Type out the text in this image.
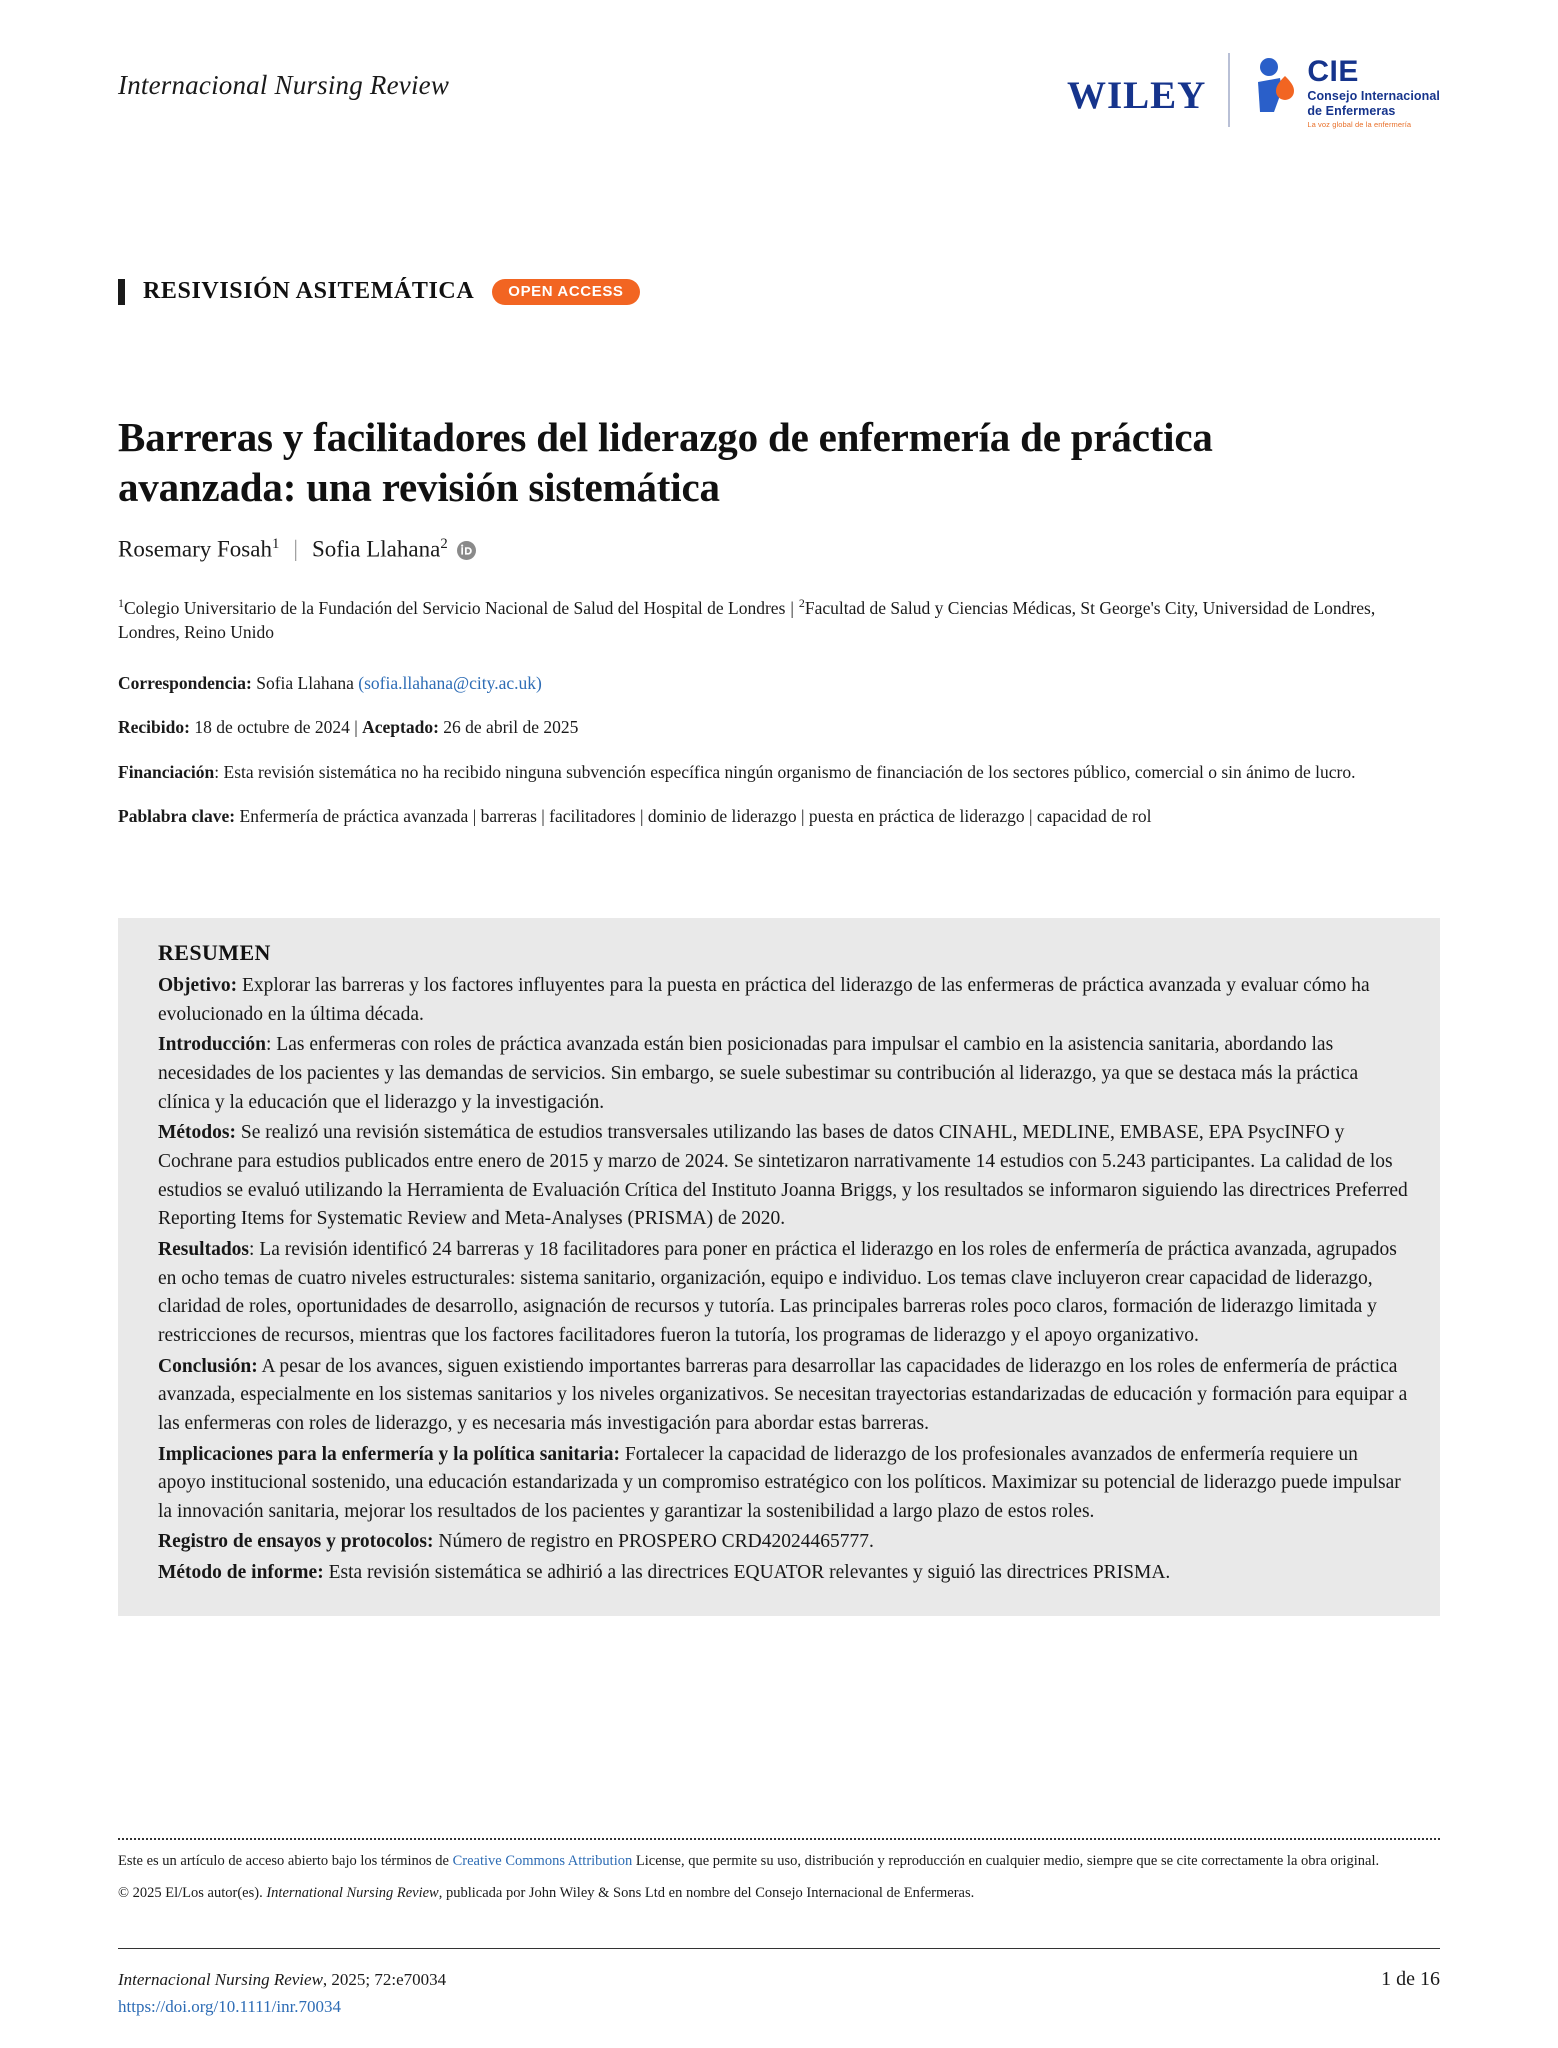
Internacional Nursing Review	wiley	CIE
Consejo Internacional
de Enfermeras
La voz global de la enfermería
RESIVISIÓN ASITEMÁTICA	OPEN ACCESS
Barreras y facilitadores del liderazgo de enfermería de práctica avanzada: una revisión sistemática
Rosemary Fosah$^1$ | Sofia Llahana$^2$

$^1$Colegio Universitario de la Fundación del Servicio Nacional de Salud del Hospital de Londres | $^2$Facultad de Salud y Ciencias Médicas, St George's City, Universidad de Londres, Londres, Reino Unido

Correspondencia: Sofia Llahana (sofia.llahana@city.ac.uk)

Recibido: 18 de octubre de 2024 | Aceptado: 26 de abril de 2025

Financiación: Esta revisión sistemática no ha recibido ninguna subvención específica ningún organismo de financiación de los sectores público, comercial o sin ánimo de lucro.

Pablabra clave: Enfermería de práctica avanzada | barreras | facilitadores | dominio de liderazgo | puesta en práctica de liderazgo | capacidad de rol

RESUMEN

Objetivo: Explorar las barreras y los factores influyentes para la puesta en práctica del liderazgo de las enfermeras de práctica avanzada y evaluar cómo ha evolucionado en la última década.

Introducción: Las enfermeras con roles de práctica avanzada están bien posicionadas para impulsar el cambio en la asistencia sanitaria, abordando las necesidades de los pacientes y las demandas de servicios. Sin embargo, se suele subestimar su contribución al liderazgo, ya que se destaca más la práctica clínica y la educación que el liderazgo y la investigación.

Métodos: Se realizó una revisión sistemática de estudios transversales utilizando las bases de datos CINAHL, MEDLINE, EMBASE, EPA PsycINFO y Cochrane para estudios publicados entre enero de 2015 y marzo de 2024. Se sintetizaron narrativamente 14 estudios con 5.243 participantes. La calidad de los estudios se evaluó utilizando la Herramienta de Evaluación Crítica del Instituto Joanna Briggs, y los resultados se informaron siguiendo las directrices Preferred Reporting Items for Systematic Review and Meta-Analyses (PRISMA) de 2020.

Resultados: La revisión identificó 24 barreras y 18 facilitadores para poner en práctica el liderazgo en los roles de enfermería de práctica avanzada, agrupados en ocho temas de cuatro niveles estructurales: sistema sanitario, organización, equipo e individuo. Los temas clave incluyeron crear capacidad de liderazgo, claridad de roles, oportunidades de desarrollo, asignación de recursos y tutoría. Las principales barreras roles poco claros, formación de liderazgo limitada y restricciones de recursos, mientras que los factores facilitadores fueron la tutoría, los programas de liderazgo y el apoyo organizativo.

Conclusión: A pesar de los avances, siguen existiendo importantes barreras para desarrollar las capacidades de liderazgo en los roles de enfermería de práctica avanzada, especialmente en los sistemas sanitarios y los niveles organizativos. Se necesitan trayectorias estandarizadas de educación y formación para equipar a las enfermeras con roles de liderazgo, y es necesaria más investigación para abordar estas barreras.

Implicaciones para la enfermería y la política sanitaria: Fortalecer la capacidad de liderazgo de los profesionales avanzados de enfermería requiere un apoyo institucional sostenido, una educación estandarizada y un compromiso estratégico con los políticos. Maximizar su potencial de liderazgo puede impulsar la innovación sanitaria, mejorar los resultados de los pacientes y garantizar la sostenibilidad a largo plazo de estos roles.

Registro de ensayos y protocolos: Número de registro en PROSPERO CRD42024465777.

Método de informe: Esta revisión sistemática se adhirió a las directrices EQUATOR relevantes y siguió las directrices PRISMA.

Este es un artículo de acceso abierto bajo los términos de Creative Commons Attribution License, que permite su uso, distribución y reproducción en cualquier medio, siempre que se cite correctamente la obra original.

© 2025 El/Los autor(es). International Nursing Review, publicada por John Wiley & Sons Ltd en nombre del Consejo Internacional de Enfermeras.

Internacional Nursing Review, 2025; 72:e70034
https://doi.org/10.1111/inr.70034
1 de 16
